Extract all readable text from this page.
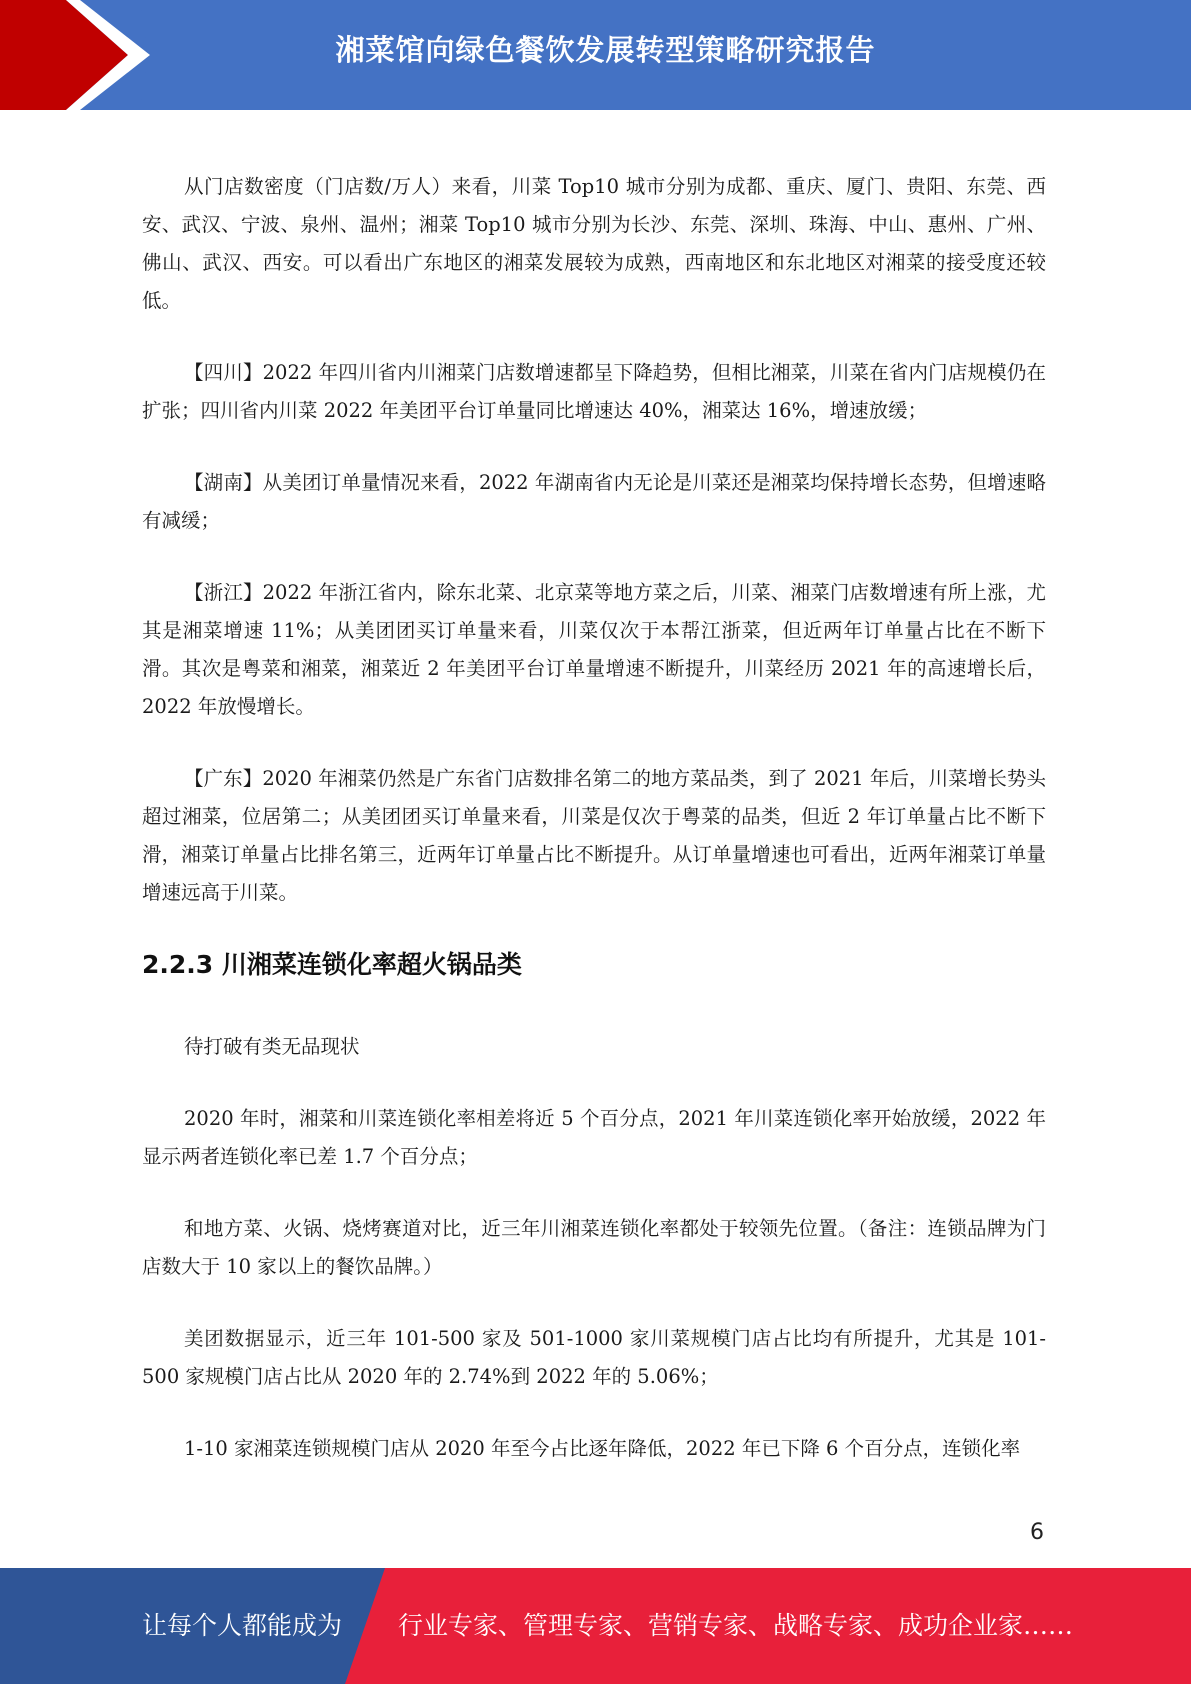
湘菜馆向绿色餐饮发展转型策略研究报告

从门店数密度（门店数/万人）来看，川菜 Top10 城市分别为成都、重庆、厦门、贵阳、东莞、西安、武汉、宁波、泉州、温州；湘菜 Top10 城市分别为长沙、东莞、深圳、珠海、中山、惠州、广州、佛山、武汉、西安。可以看出广东地区的湘菜发展较为成熟，西南地区和东北地区对湘菜的接受度还较低。

【四川】2022 年四川省内川湘菜门店数增速都呈下降趋势，但相比湘菜，川菜在省内门店规模仍在扩张；四川省内川菜 2022 年美团平台订单量同比增速达 40%，湘菜达 16%，增速放缓；

【湖南】从美团订单量情况来看，2022 年湖南省内无论是川菜还是湘菜均保持增长态势，但增速略有减缓；

【浙江】2022 年浙江省内，除东北菜、北京菜等地方菜之后，川菜、湘菜门店数增速有所上涨，尤其是湘菜增速 11%；从美团团买订单量来看，川菜仅次于本帮江浙菜，但近两年订单量占比在不断下滑。其次是粤菜和湘菜，湘菜近 2 年美团平台订单量增速不断提升，川菜经历 2021 年的高速增长后，2022 年放慢增长。

【广东】2020 年湘菜仍然是广东省门店数排名第二的地方菜品类，到了 2021 年后，川菜增长势头超过湘菜，位居第二；从美团团买订单量来看，川菜是仅次于粤菜的品类，但近 2 年订单量占比不断下滑，湘菜订单量占比排名第三，近两年订单量占比不断提升。从订单量增速也可看出，近两年湘菜订单量增速远高于川菜。

2.2.3 川湘菜连锁化率超火锅品类

待打破有类无品现状

2020 年时，湘菜和川菜连锁化率相差将近 5 个百分点，2021 年川菜连锁化率开始放缓，2022 年显示两者连锁化率已差 1.7 个百分点；

和地方菜、火锅、烧烤赛道对比，近三年川湘菜连锁化率都处于较领先位置。（备注：连锁品牌为门店数大于 10 家以上的餐饮品牌。）

美团数据显示，近三年 101-500 家及 501-1000 家川菜规模门店占比均有所提升，尤其是 101-500 家规模门店占比从 2020 年的 2.74%到 2022 年的 5.06%；

1-10 家湘菜连锁规模门店从 2020 年至今占比逐年降低，2022 年已下降 6 个百分点，连锁化率

6
让每个人都能成为 行业专家、管理专家、营销专家、战略专家、成功企业家……
